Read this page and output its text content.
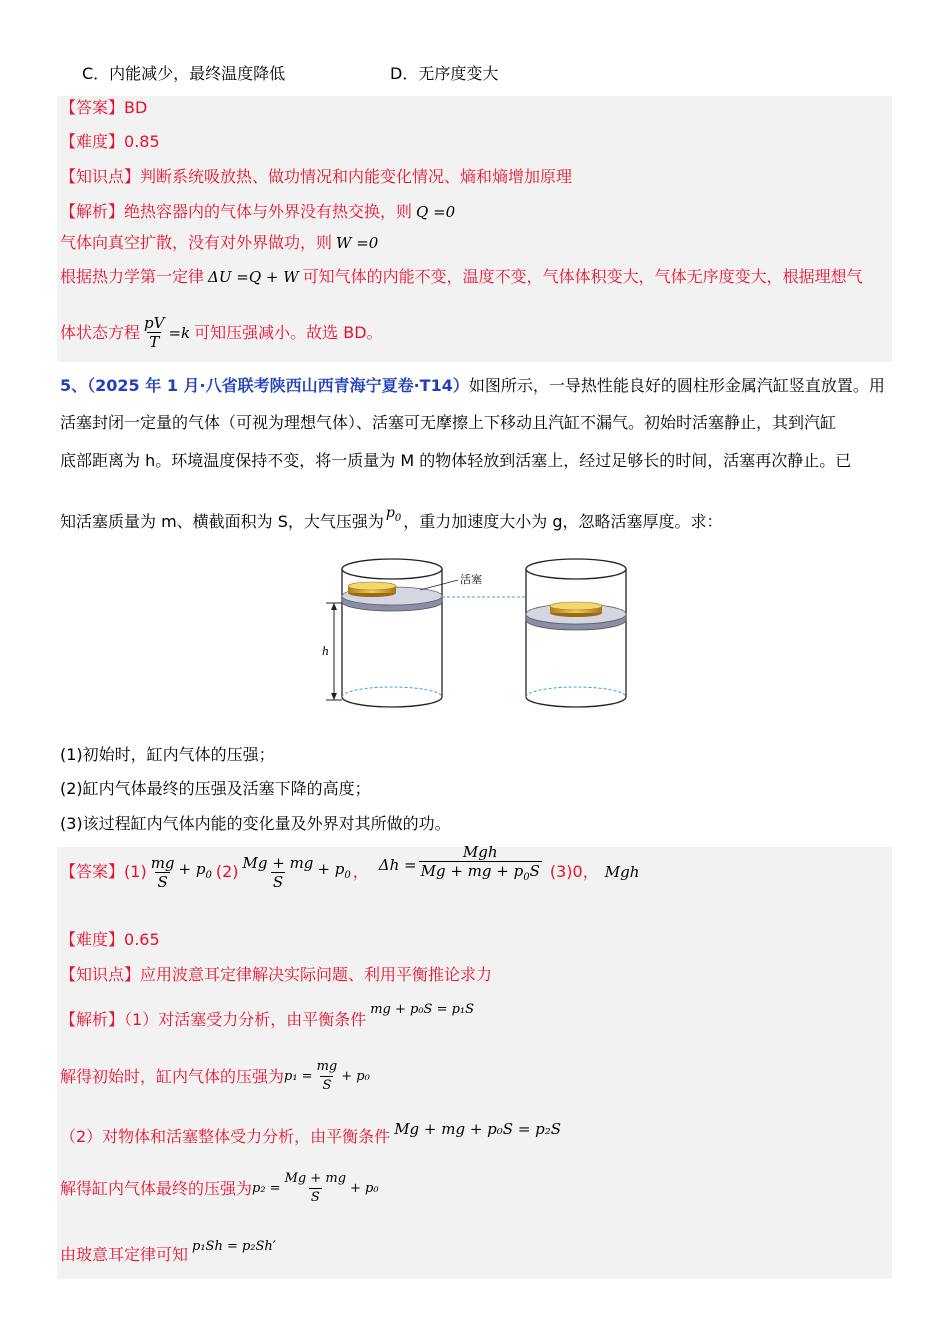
C．内能减少，最终温度降低	D．无序度变大
【答案】BD
【难度】0.85
【知识点】判断系统吸放热、做功情况和内能变化情况、熵和熵增加原理
【解析】绝热容器内的气体与外界没有热交换，则 Q =0
气体向真空扩散，没有对外界做功，则 W =0
根据热力学第一定律 ΔU =Q + W 可知气体的内能不变，温度不变，气体体积变大，气体无序度变大，根据理想气
体状态方程 $\frac{pV}{T} =k$ 可知压强减小。故选 BD。
5、（2025 年 1 月·八省联考陕西山西青海宁夏卷·T14）如图所示，一导热性能良好的圆柱形金属汽缸竖直放置。用
活塞封闭一定量的气体（可视为理想气体）、活塞可无摩擦上下移动且汽缸不漏气。初始时活塞静止，其到汽缸
底部距离为 h。环境温度保持不变，将一质量为 M 的物体轻放到活塞上，经过足够长的时间，活塞再次静止。已
知活塞质量为 m、横截面积为 S，大气压强为 $p_0$ ，重力加速度大小为 g，忽略活塞厚度。求：
h
活塞
(1)初始时，缸内气体的压强；
(2)缸内气体最终的压强及活塞下降的高度；
(3)该过程缸内气体内能的变化量及外界对其所做的功。
【答案】 $(1) \frac{mg}{S} + p_0$ $(2) \frac{Mg + mg}{S} + p_0$ ， $\Delta h = \frac{\text{Mgh}}{Mg + mg + p_0S} (3)0$， Mgh
【难度】0.65
【知识点】应用波意耳定律解决实际问题、利用平衡推论求力
【解析】（1）对活塞受力分析，由平衡条件$^{mg + p_0S = p_1S}$
解得初始时，缸内气体的压强为 $p_1 = \frac{mg}{S} + p_0$
（2）对物体和活塞整体受力分析，由平衡条件 Mg + mg + p₀S = p₂S
解得缸内气体最终的压强为 $p_2 = \frac{Mg + mg}{S} + p_0$
由玻意耳定律可知 $^{p_1Sh = p_2Sh'}$
